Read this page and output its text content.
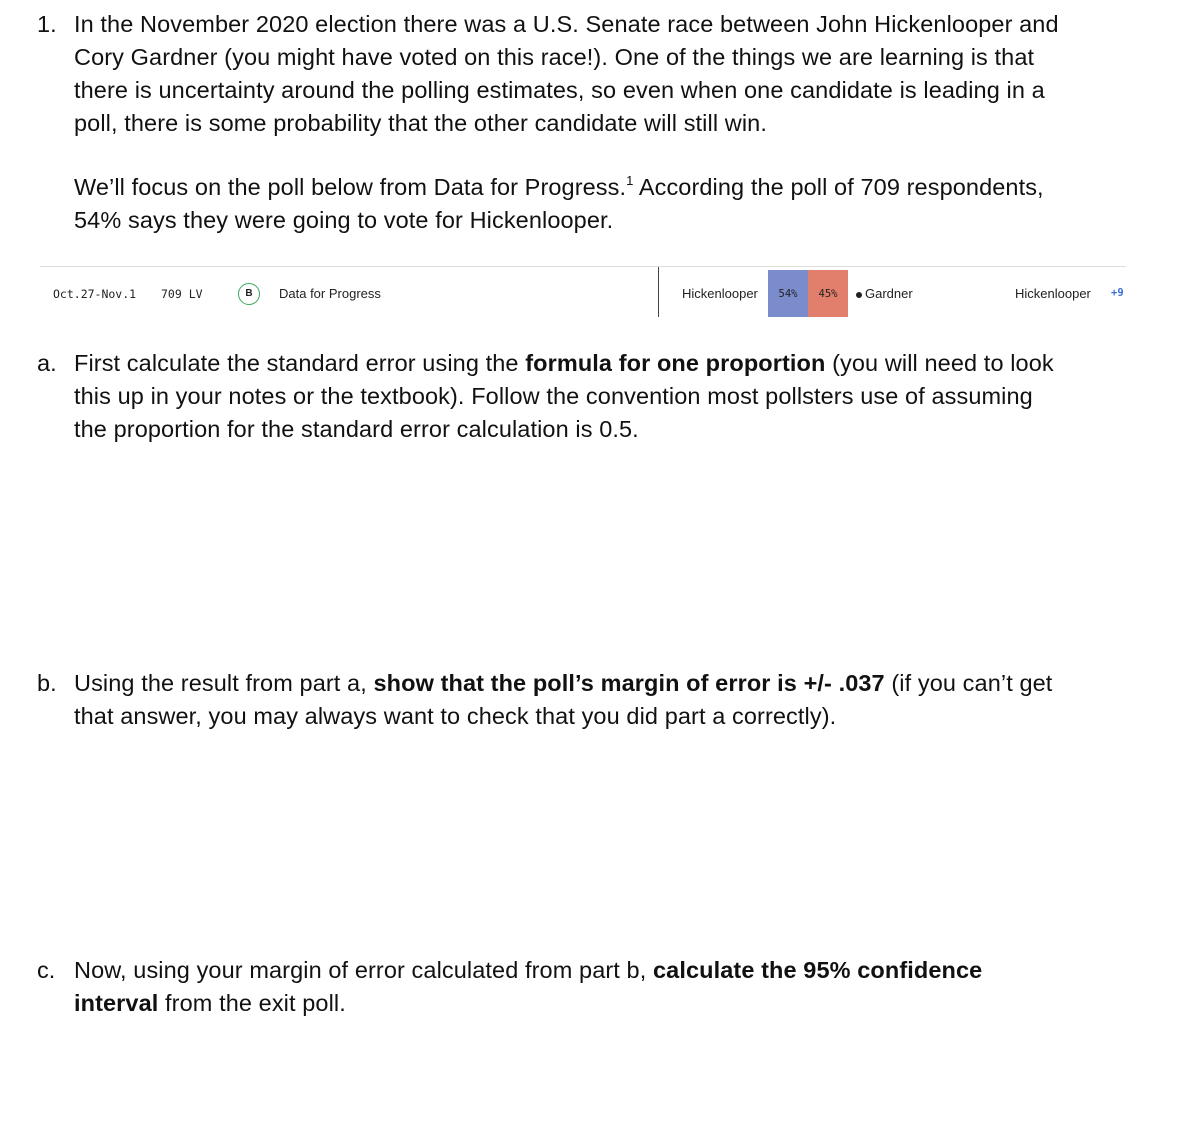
1. In the November 2020 election there was a U.S. Senate race between John Hickenlooper and
Cory Gardner (you might have voted on this race!). One of the things we are learning is that
there is uncertainty around the polling estimates, so even when one candidate is leading in a
poll, there is some probability that the other candidate will still win.
We’ll focus on the poll below from Data for Progress.$^1$ According the poll of 709 respondents,
54% says they were going to vote for Hickenlooper.
Oct.27-Nov.1 709 LV	B	Data for Progress	Hickenlooper	54%	45%	Gardner	Hickenlooper +9
a. First calculate the standard error using the formula for one proportion (you will need to look
this up in your notes or the textbook). Follow the convention most pollsters use of assuming
the proportion for the standard error calculation is 0.5.
b. Using the result from part a, show that the poll’s margin of error is +/- .037 (if you can’t get
that answer, you may always want to check that you did part a correctly).
c. Now, using your margin of error calculated from part b, calculate the 95% confidence
interval from the exit poll.
